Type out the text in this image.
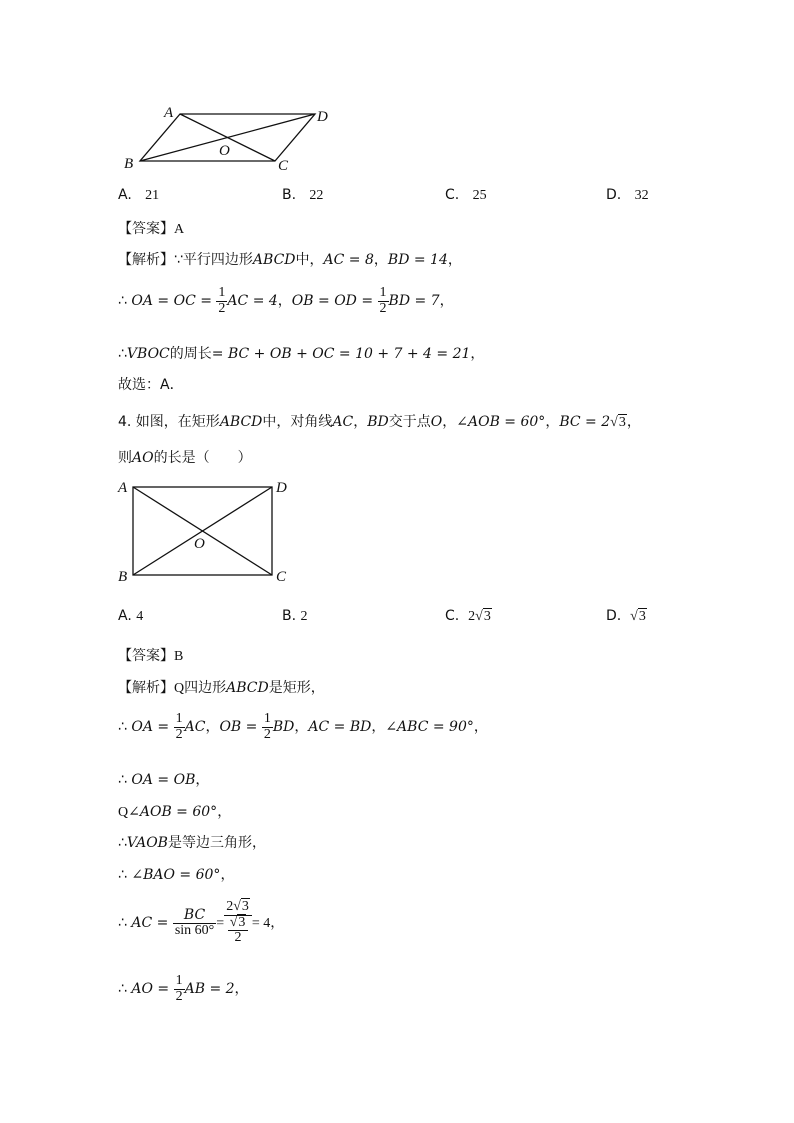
A	D
B	C
O
A. 21	B. 22	C. 25	D. 32
【答案】A
【解析】∵平行四边形ABCD中，AC = 8，BD = 14，
∴ OA = OC = $\frac{1}{2}$ AC = 4，OB = OD = $\frac{1}{2}$ BD = 7，
∴VBOC的周长= BC + OB + OC = 10 + 7 + 4 = 21，
故选：A．
4. 如图，在矩形ABCD中，对角线AC，BD交于点O，∠AOB = 60°，BC = 2√3，
则AO的长是（　　）
A	D
B	C
O
A. 4	B. 2	C. 2√3	D. √3
【答案】B
【解析】Q四边形ABCD是矩形，
∴ OA = $\frac{1}{2}$ AC，OB = $\frac{1}{2}$ BD，AC = BD，∠ABC = 90°，
∴ OA = OB，
Q∠AOB = 60°，
∴VAOB是等边三角形，
∴ ∠BAO = 60°，
∴ AC = $\frac{BC}{\sin 60^\circ} = \frac{2√3}{\frac{√3}{2}} = 4$，
∴ AO = $\frac{1}{2}$ AB = 2，
